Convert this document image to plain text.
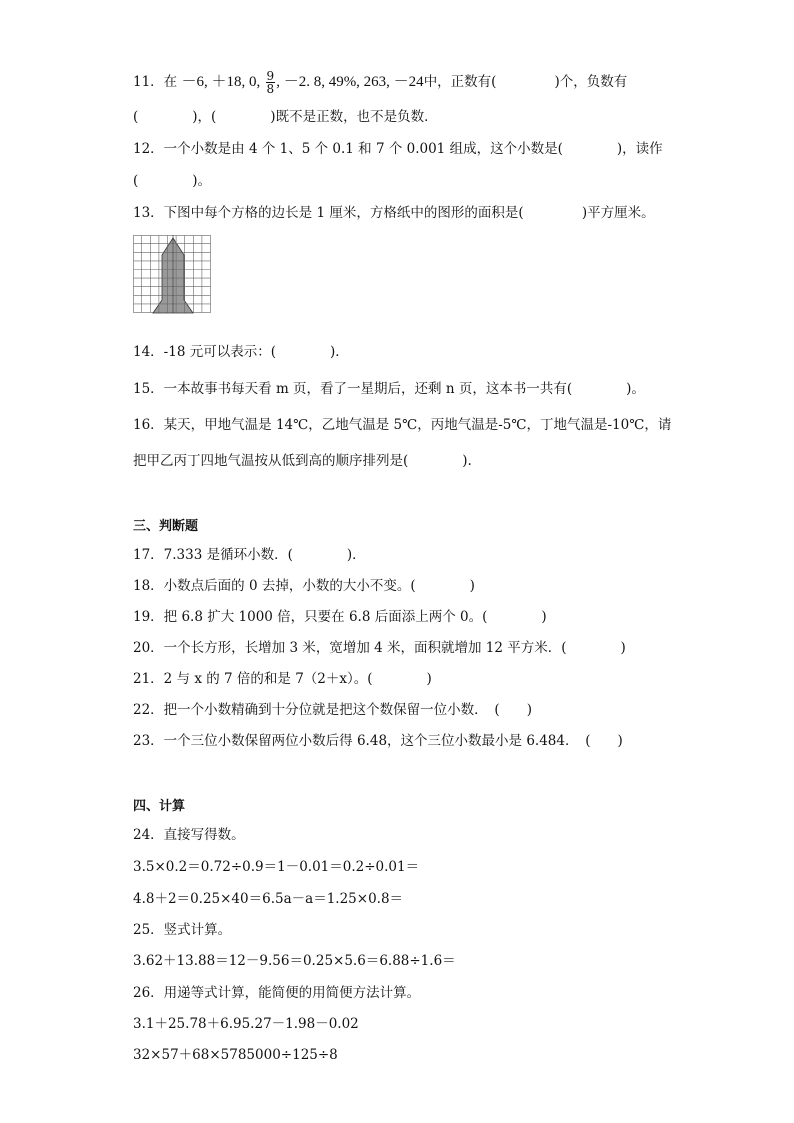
11．在 －6, ＋18, 0, $\frac{9}{8}$ , －2. 8, 49%, 263, －24中，正数有(	)个，负数有
(　　　　)，(　　　　)既不是正数，也不是负数．
12．一个小数是由 4 个 1、5 个 0.1 和 7 个 0.001 组成，这个小数是(　　　　)，读作
(　　　　)。
13．下图中每个方格的边长是 1 厘米，方格纸中的图形的面积是(　　　　 )平方厘米。
14．-18 元可以表示：(　　　　)．
15．一本故事书每天看 m 页，看了一星期后，还剩 n 页，这本书一共有(　　　　)。
16．某天，甲地气温是 14℃，乙地气温是 5℃，丙地气温是-5℃，丁地气温是-10℃，请
把甲乙丙丁四地气温按从低到高的顺序排列是(　　　　).
三、判断题
17．7.333 是循环小数．(　　　　)．
18．小数点后面的 0 去掉，小数的大小不变。(　　　　)
19．把 6.8 扩大 1000 倍，只要在 6.8 后面添上两个 0。(　　　　)
20．一个长方形，长增加 3 米，宽增加 4 米，面积就增加 12 平方米．(　　　　)
21．2 与 x 的 7 倍的和是 7（2＋x）。(　　　　)
22．把一个小数精确到十分位就是把这个数保留一位小数．　(　　)
23．一个三位小数保留两位小数后得 6.48，这个三位小数最小是 6.484．　(　　)
四、计算
24．直接写得数。
3.5×0.2＝0.72÷0.9＝1－0.01＝0.2÷0.01＝
4.8＋2＝0.25×40＝6.5a－a＝1.25×0.8＝
25．竖式计算。
3.62＋13.88＝12－9.56＝0.25×5.6＝6.88÷1.6＝
26．用递等式计算，能简便的用简便方法计算。
3.1＋25.78＋6.95.27－1.98－0.02
32×57＋68×5785000÷125÷8
